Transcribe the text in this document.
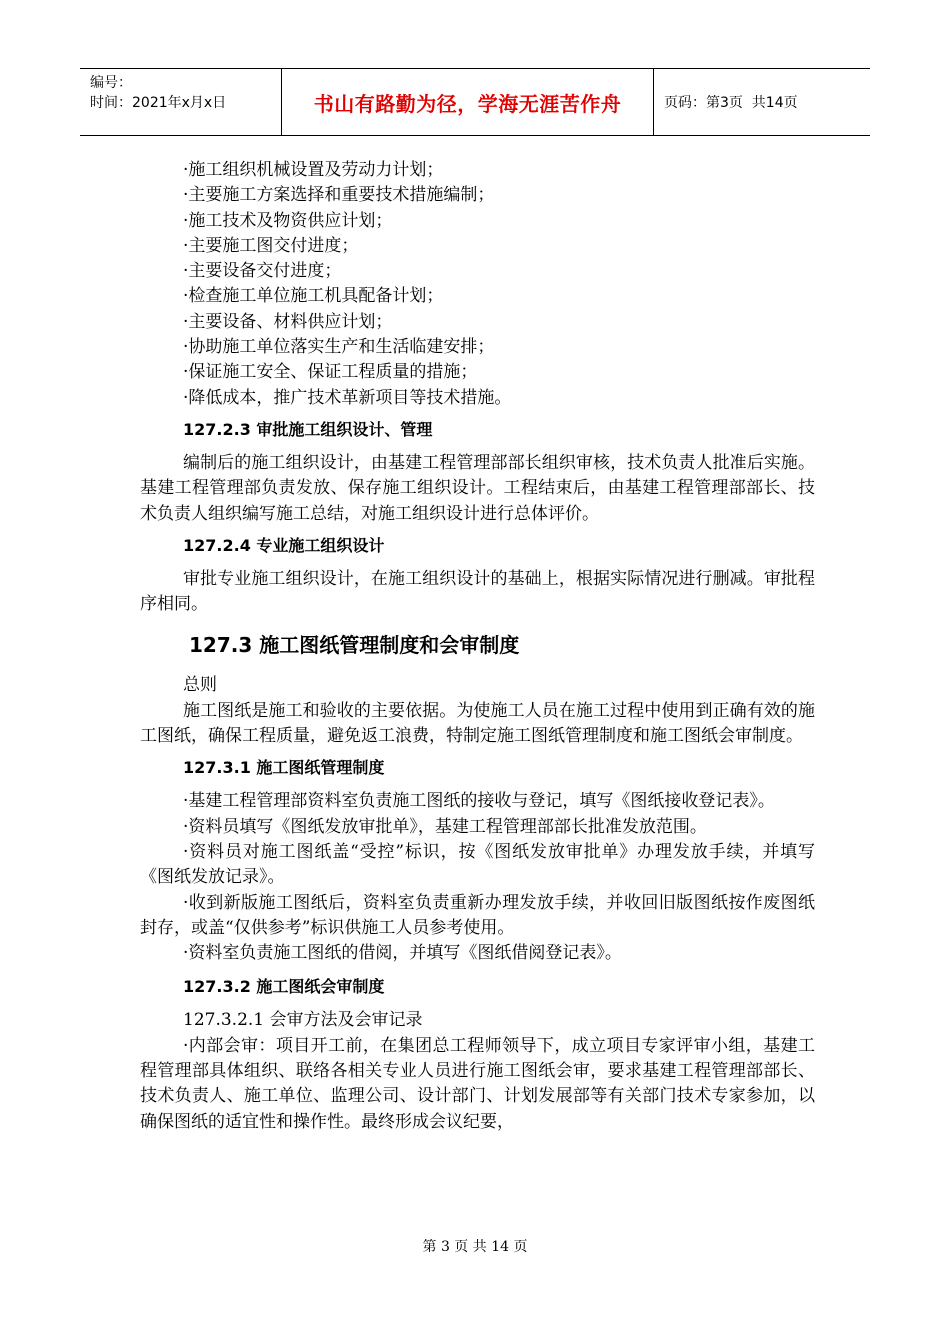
编号：
时间：2021年x月x日	书山有路勤为径，学海无涯苦作舟	页码：第3页  共14页
·施工组织机械设置及劳动力计划；
·主要施工方案选择和重要技术措施编制；
·施工技术及物资供应计划；
·主要施工图交付进度；
·主要设备交付进度；
·检查施工单位施工机具配备计划；
·主要设备、材料供应计划；
·协助施工单位落实生产和生活临建安排；
·保证施工安全、保证工程质量的措施；
·降低成本，推广技术革新项目等技术措施。
127.2.3 审批施工组织设计、管理

编制后的施工组织设计，由基建工程管理部部长组织审核，技术负责人批准后实施。基建工程管理部负责发放、保存施工组织设计。工程结束后，由基建工程管理部部长、技术负责人组织编写施工总结，对施工组织设计进行总体评价。

127.2.4 专业施工组织设计

审批专业施工组织设计，在施工组织设计的基础上，根据实际情况进行删减。审批程序相同。

127.3 施工图纸管理制度和会审制度
总则

施工图纸是施工和验收的主要依据。为使施工人员在施工过程中使用到正确有效的施工图纸，确保工程质量，避免返工浪费，特制定施工图纸管理制度和施工图纸会审制度。

127.3.1 施工图纸管理制度

·基建工程管理部资料室负责施工图纸的接收与登记，填写《图纸接收登记表》。

·资料员填写《图纸发放审批单》，基建工程管理部部长批准发放范围。

·资料员对施工图纸盖“受控”标识，按《图纸发放审批单》办理发放手续，并填写《图纸发放记录》。

·收到新版施工图纸后，资料室负责重新办理发放手续，并收回旧版图纸按作废图纸封存，或盖“仅供参考”标识供施工人员参考使用。

·资料室负责施工图纸的借阅，并填写《图纸借阅登记表》。

127.3.2 施工图纸会审制度
127.3.2.1 会审方法及会审记录

·内部会审：项目开工前，在集团总工程师领导下，成立项目专家评审小组，基建工程管理部具体组织、联络各相关专业人员进行施工图纸会审，要求基建工程管理部部长、技术负责人、施工单位、监理公司、设计部门、计划发展部等有关部门技术专家参加，以确保图纸的适宜性和操作性。最终形成会议纪要，

第 3 页 共 14 页
